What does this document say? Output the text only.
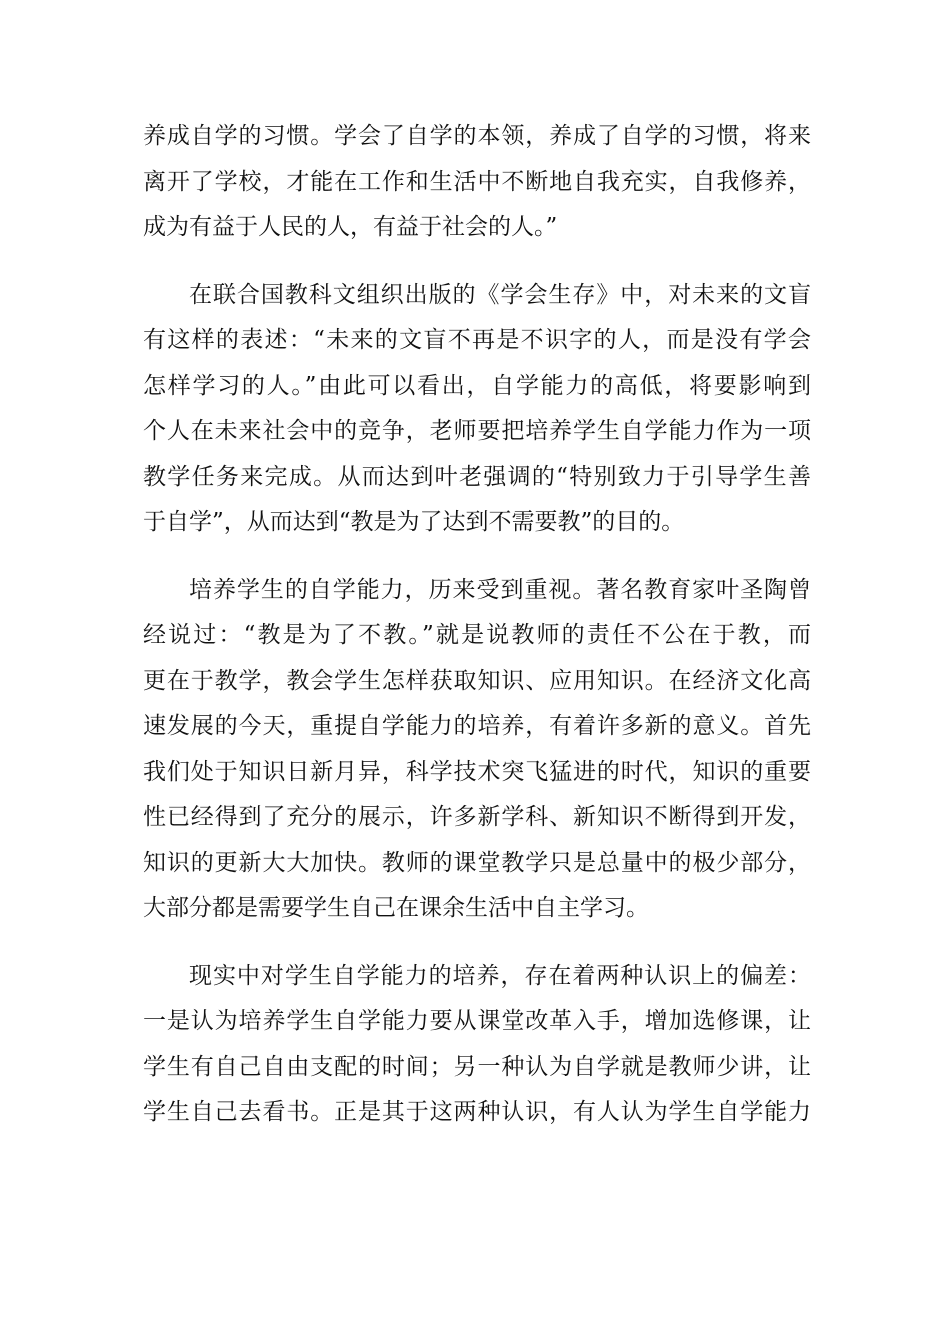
养成自学的习惯。学会了自学的本领，养成了自学的习惯，将来
离开了学校，才能在工作和生活中不断地自我充实，自我修养，
成为有益于人民的人，有益于社会的人。”

在联合国教科文组织出版的《学会生存》中，对未来的文盲
有这样的表述：“未来的文盲不再是不识字的人，而是没有学会
怎样学习的人。”由此可以看出，自学能力的高低，将要影响到
个人在未来社会中的竞争，老师要把培养学生自学能力作为一项
教学任务来完成。从而达到叶老强调的“特别致力于引导学生善
于自学”，从而达到“教是为了达到不需要教”的目的。

培养学生的自学能力，历来受到重视。著名教育家叶圣陶曾
经说过：“教是为了不教。”就是说教师的责任不公在于教，而
更在于教学，教会学生怎样获取知识、应用知识。在经济文化高
速发展的今天，重提自学能力的培养，有着许多新的意义。首先
我们处于知识日新月异，科学技术突飞猛进的时代，知识的重要
性已经得到了充分的展示，许多新学科、新知识不断得到开发，
知识的更新大大加快。教师的课堂教学只是总量中的极少部分，
大部分都是需要学生自己在课余生活中自主学习。

现实中对学生自学能力的培养，存在着两种认识上的偏差：
一是认为培养学生自学能力要从课堂改革入手，增加选修课，让
学生有自己自由支配的时间；另一种认为自学就是教师少讲，让
学生自己去看书。正是其于这两种认识，有人认为学生自学能力
